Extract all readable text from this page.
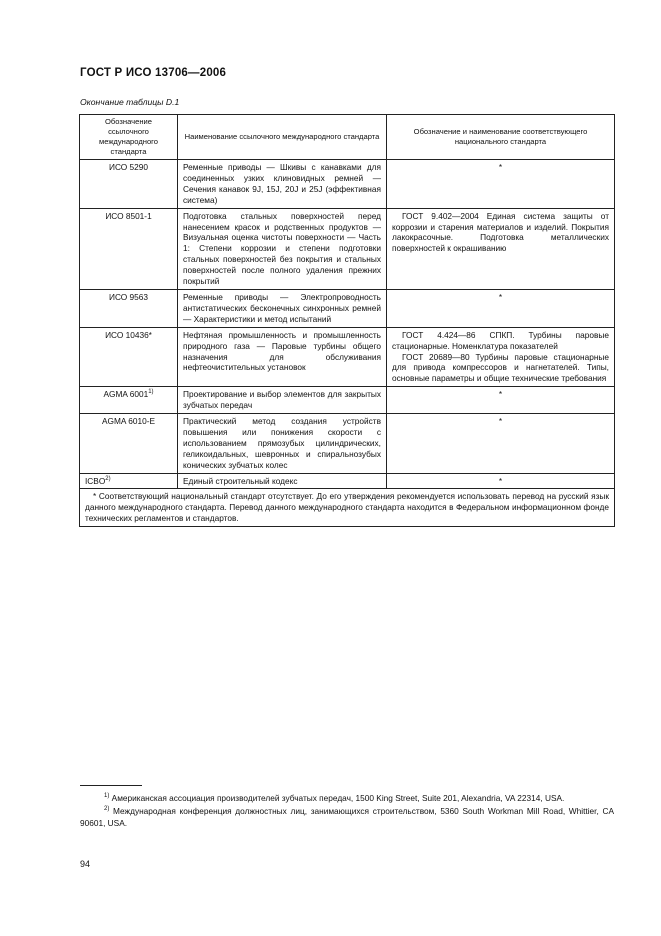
ГОСТ Р ИСО 13706—2006
Окончание таблицы D.1
Обозначение ссылочного международного стандарта	Наименование ссылочного международного стандарта	Обозначение и наименование соответствующего национального стандарта
ИСО 5290	Ременные приводы — Шкивы с канавками для соединенных узких клиновидных ремней — Сечения канавок 9J, 15J, 20J и 25J (эффективная система)	*

ИСО 8501-1	Подготовка стальных поверхностей перед нанесением красок и родственных продуктов — Визуальная оценка чистоты поверхности — Часть 1: Степени коррозии и степени подготовки стальных поверхностей без покрытия и стальных поверхностей после полного удаления прежних покрытий	ГОСТ 9.402—2004 Единая система защиты от коррозии и старения материалов и изделий. Покрытия лакокрасочные. Подготовка металлических поверхностей к окрашиванию

ИСО 9563	Ременные приводы — Электропроводность антистатических бесконечных синхронных ремней — Характеристики и метод испытаний	*

ИСО 10436*	Нефтяная промышленность и промышленность природного газа — Паровые турбины общего назначения для обслуживания нефтеочистительных установок	ГОСТ 4.424—86 СПКП. Турбины паровые стационарные. Номенклатура показателей
ГОСТ 20689—80 Турбины паровые стационарные для привода компрессоров и нагнетателей. Типы, основные параметры и общие технические требования

AGMA 6001$^{1)}$	Проектирование и выбор элементов для закрытых зубчатых передач	*

AGMA 6010-E	Практический метод создания устройств повышения или понижения скорости с использованием прямозубых цилиндрических, геликоидальных, шевронных и спиральнозубых конических зубчатых колес	*

ICBO$^{2)}$	Единый строительный кодекс	*

* Соответствующий национальный стандарт отсутствует. До его утверждения рекомендуется использовать перевод на русский язык данного международного стандарта. Перевод данного международного стандарта находится в Федеральном информационном фонде технических регламентов и стандартов.		
$^{1)}$ Американская ассоциация производителей зубчатых передач, 1500 King Street, Suite 201, Alexandria, VA 22314, USA.
$^{2)}$ Международная конференция должностных лиц, занимающихся строительством, 5360 South Workman Mill Road, Whittier, CA 90601, USA.
94
